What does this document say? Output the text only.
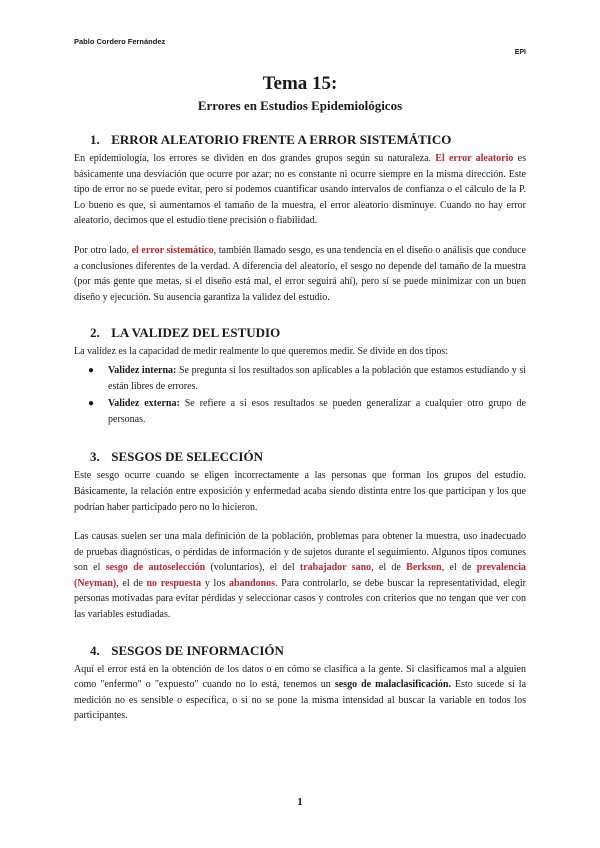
Pablo Cordero Fernández
EPI
Tema 15:
Errores en Estudios Epidemiológicos
1. ERROR ALEATORIO FRENTE A ERROR SISTEMÁTICO

En epidemiología, los errores se dividen en dos grandes grupos según su naturaleza. El error aleatorio es básicamente una desviación que ocurre por azar; no es constante ni ocurre siempre en la misma dirección. Este tipo de error no se puede evitar, pero sí podemos cuantificar usando intervalos de confianza o el cálculo de la P. Lo bueno es que, si aumentamos el tamaño de la muestra, el error aleatorio disminuye. Cuando no hay error aleatorio, decimos que el estudio tiene precisión o fiabilidad.

Por otro lado, el error sistemático, también llamado sesgo, es una tendencia en el diseño o análisis que conduce a conclusiones diferentes de la verdad. A diferencia del aleatorio, el sesgo no depende del tamaño de la muestra (por más gente que metas, si el diseño está mal, el error seguirá ahí), pero sí se puede minimizar con un buen diseño y ejecución. Su ausencia garantiza la validez del estudio.

2. LA VALIDEZ DEL ESTUDIO

La validez es la capacidad de medir realmente lo que queremos medir. Se divide en dos tipos:

● Validez interna: Se pregunta si los resultados son aplicables a la población que estamos estudiando y si están libres de errores.
● Validez externa: Se refiere a si esos resultados se pueden generalizar a cualquier otro grupo de personas.
3. SESGOS DE SELECCIÓN

Este sesgo ocurre cuando se eligen incorrectamente a las personas que forman los grupos del estudio. Básicamente, la relación entre exposición y enfermedad acaba siendo distinta entre los que participan y los que podrían haber participado pero no lo hicieron.

Las causas suelen ser una mala definición de la población, problemas para obtener la muestra, uso inadecuado de pruebas diagnósticas, o pérdidas de información y de sujetos durante el seguimiento. Algunos tipos comunes son el sesgo de autoselección (voluntarios), el del trabajador sano, el de Berkson, el de prevalencia (Neyman), el de no respuesta y los abandonos. Para controlarlo, se debe buscar la representatividad, elegir personas motivadas para evitar pérdidas y seleccionar casos y controles con criterios que no tengan que ver con las variables estudiadas.

4. SESGOS DE INFORMACIÓN

Aquí el error está en la obtención de los datos o en cómo se clasifica a la gente. Si clasificamos mal a alguien como "enfermo" o "expuesto" cuando no lo está, tenemos un sesgo de malaclasificación. Esto sucede si la medición no es sensible o específica, o si no se pone la misma intensidad al buscar la variable en todos los participantes.

1
